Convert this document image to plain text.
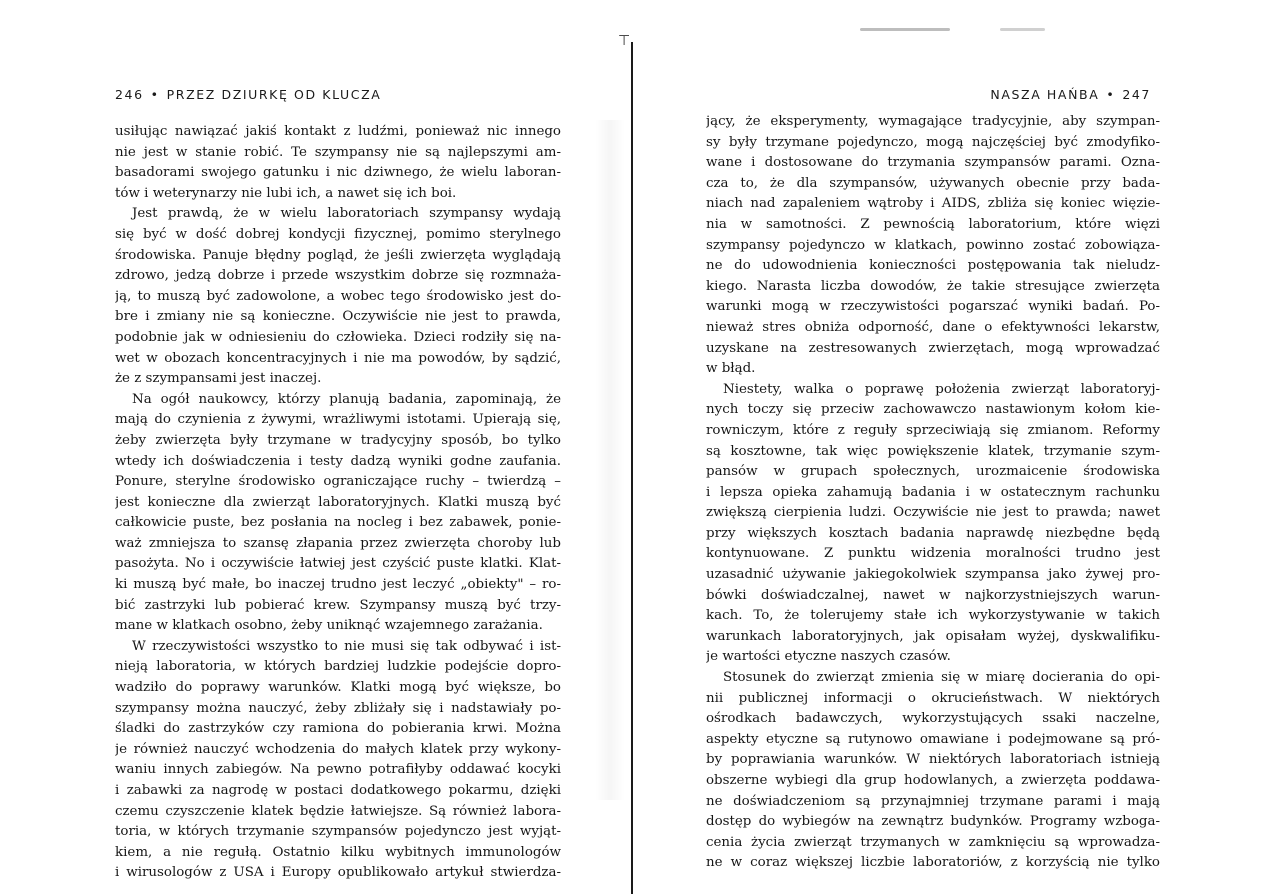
⊤
246 • PRZEZ DZIURKĘ OD KLUCZA
usiłując nawiązać jakiś kontakt z ludźmi, ponieważ nic innego
nie jest w stanie robić. Te szympansy nie są najlepszymi am-
basadorami swojego gatunku i nic dziwnego, że wielu laboran-
tów i weterynarzy nie lubi ich, a nawet się ich boi.
Jest prawdą, że w wielu laboratoriach szympansy wydają
się być w dość dobrej kondycji fizycznej, pomimo sterylnego
środowiska. Panuje błędny pogląd, że jeśli zwierzęta wyglądają
zdrowo, jedzą dobrze i przede wszystkim dobrze się rozmnaża-
ją, to muszą być zadowolone, a wobec tego środowisko jest do-
bre i zmiany nie są konieczne. Oczywiście nie jest to prawda,
podobnie jak w odniesieniu do człowieka. Dzieci rodziły się na-
wet w obozach koncentracyjnych i nie ma powodów, by sądzić,
że z szympansami jest inaczej.
Na ogół naukowcy, którzy planują badania, zapominają, że
mają do czynienia z żywymi, wrażliwymi istotami. Upierają się,
żeby zwierzęta były trzymane w tradycyjny sposób, bo tylko
wtedy ich doświadczenia i testy dadzą wyniki godne zaufania.
Ponure, sterylne środowisko ograniczające ruchy – twierdzą –
jest konieczne dla zwierząt laboratoryjnych. Klatki muszą być
całkowicie puste, bez posłania na nocleg i bez zabawek, ponie-
waż zmniejsza to szansę złapania przez zwierzęta choroby lub
pasożyta. No i oczywiście łatwiej jest czyścić puste klatki. Klat-
ki muszą być małe, bo inaczej trudno jest leczyć „obiekty" – ro-
bić zastrzyki lub pobierać krew. Szympansy muszą być trzy-
mane w klatkach osobno, żeby uniknąć wzajemnego zarażania.
W rzeczywistości wszystko to nie musi się tak odbywać i ist-
nieją laboratoria, w których bardziej ludzkie podejście dopro-
wadziło do poprawy warunków. Klatki mogą być większe, bo
szympansy można nauczyć, żeby zbliżały się i nadstawiały po-
śladki do zastrzyków czy ramiona do pobierania krwi. Można
je również nauczyć wchodzenia do małych klatek przy wykony-
waniu innych zabiegów. Na pewno potrafiłyby oddawać kocyki
i zabawki za nagrodę w postaci dodatkowego pokarmu, dzięki
czemu czyszczenie klatek będzie łatwiejsze. Są również labora-
toria, w których trzymanie szympansów pojedynczo jest wyjąt-
kiem, a nie regułą. Ostatnio kilku wybitnych immunologów
i wirusologów z USA i Europy opublikowało artykuł stwierdza-
NASZA HAŃBA • 247
jący, że eksperymenty, wymagające tradycyjnie, aby szympan-
sy były trzymane pojedynczo, mogą najczęściej być zmodyfiko-
wane i dostosowane do trzymania szympansów parami. Ozna-
cza to, że dla szympansów, używanych obecnie przy bada-
niach nad zapaleniem wątroby i AIDS, zbliża się koniec więzie-
nia w samotności. Z pewnością laboratorium, które więzi
szympansy pojedynczo w klatkach, powinno zostać zobowiąza-
ne do udowodnienia konieczności postępowania tak nieludz-
kiego. Narasta liczba dowodów, że takie stresujące zwierzęta
warunki mogą w rzeczywistości pogarszać wyniki badań. Po-
nieważ stres obniża odporność, dane o efektywności lekarstw,
uzyskane na zestresowanych zwierzętach, mogą wprowadzać
w błąd.
Niestety, walka o poprawę położenia zwierząt laboratoryj-
nych toczy się przeciw zachowawczo nastawionym kołom kie-
rowniczym, które z reguły sprzeciwiają się zmianom. Reformy
są kosztowne, tak więc powiększenie klatek, trzymanie szym-
pansów w grupach społecznych, urozmaicenie środowiska
i lepsza opieka zahamują badania i w ostatecznym rachunku
zwiększą cierpienia ludzi. Oczywiście nie jest to prawda; nawet
przy większych kosztach badania naprawdę niezbędne będą
kontynuowane. Z punktu widzenia moralności trudno jest
uzasadnić używanie jakiegokolwiek szympansa jako żywej pro-
bówki doświadczalnej, nawet w najkorzystniejszych warun-
kach. To, że tolerujemy stałe ich wykorzystywanie w takich
warunkach laboratoryjnych, jak opisałam wyżej, dyskwalifiku-
je wartości etyczne naszych czasów.
Stosunek do zwierząt zmienia się w miarę docierania do opi-
nii publicznej informacji o okrucieństwach. W niektórych
ośrodkach badawczych, wykorzystujących ssaki naczelne,
aspekty etyczne są rutynowo omawiane i podejmowane są pró-
by poprawiania warunków. W niektórych laboratoriach istnieją
obszerne wybiegi dla grup hodowlanych, a zwierzęta poddawa-
ne doświadczeniom są przynajmniej trzymane parami i mają
dostęp do wybiegów na zewnątrz budynków. Programy wzboga-
cenia życia zwierząt trzymanych w zamknięciu są wprowadza-
ne w coraz większej liczbie laboratoriów, z korzyścią nie tylko
